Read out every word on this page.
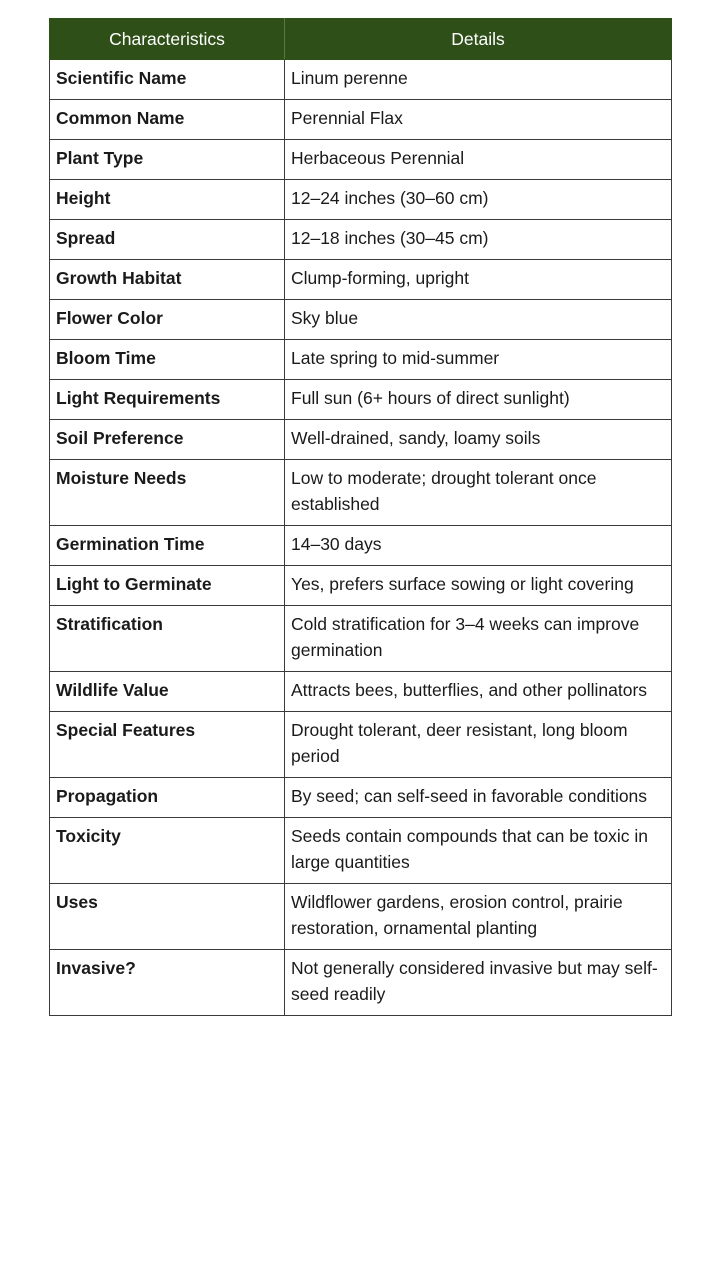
Characteristics	Details
Scientific Name	Linum perenne
Common Name	Perennial Flax
Plant Type	Herbaceous Perennial
Height	12–24 inches (30–60 cm)
Spread	12–18 inches (30–45 cm)
Growth Habitat	Clump-forming, upright
Flower Color	Sky blue
Bloom Time	Late spring to mid-summer
Light Requirements	Full sun (6+ hours of direct sunlight)
Soil Preference	Well-drained, sandy, loamy soils
Moisture Needs	Low to moderate; drought tolerant once established
Germination Time	14–30 days
Light to Germinate	Yes, prefers surface sowing or light covering
Stratification	Cold stratification for 3–4 weeks can improve germination
Wildlife Value	Attracts bees, butterflies, and other pollinators
Special Features	Drought tolerant, deer resistant, long bloom period
Propagation	By seed; can self-seed in favorable conditions
Toxicity	Seeds contain compounds that can be toxic in large quantities
Uses	Wildflower gardens, erosion control, prairie restoration, ornamental planting
Invasive?	Not generally considered invasive but may self-seed readily
